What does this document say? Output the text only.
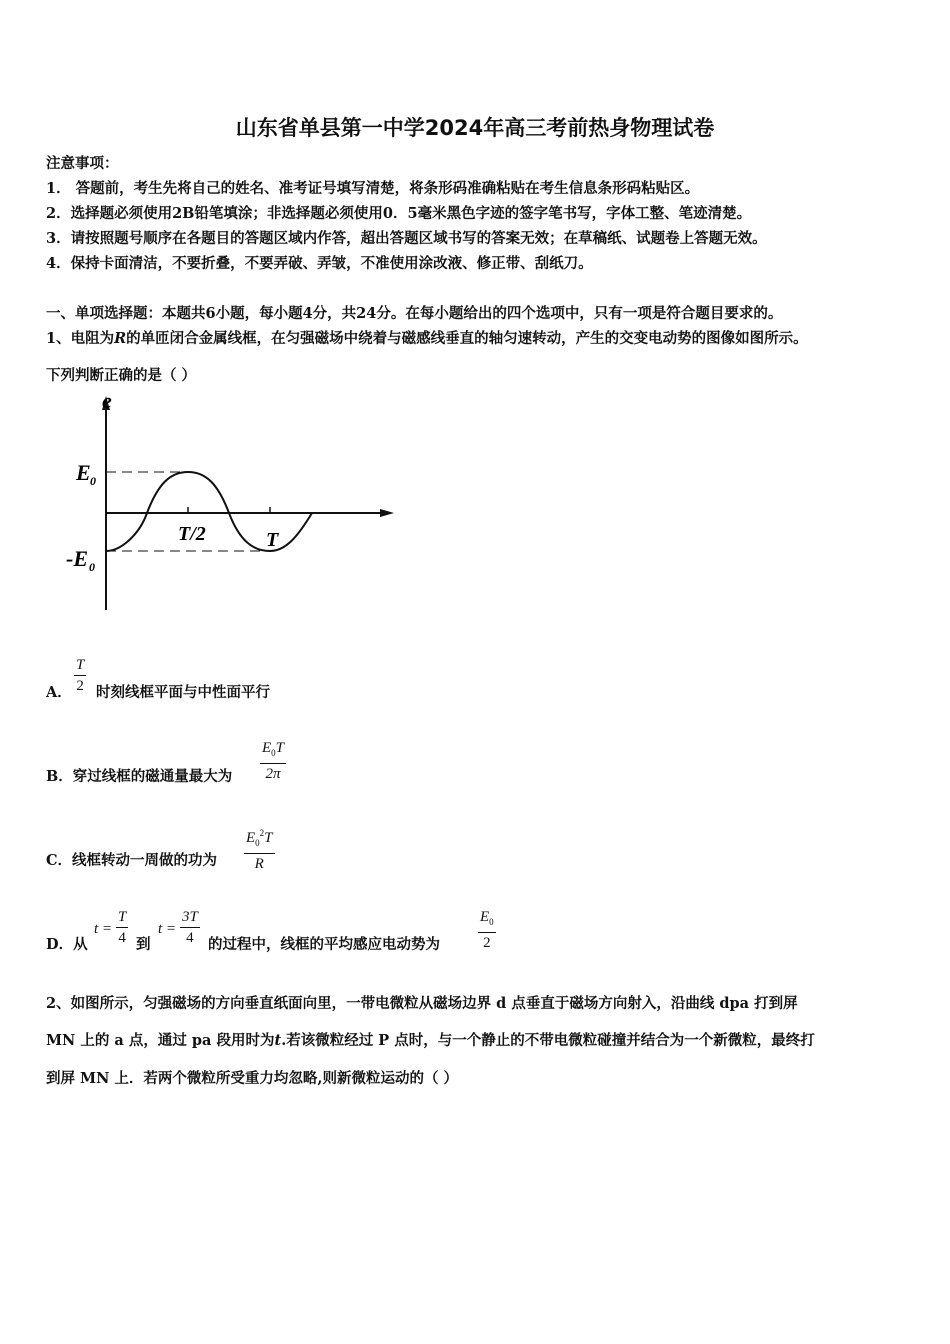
山东省单县第一中学2024年高三考前热身物理试卷
注意事项：
1． 答题前，考生先将自己的姓名、准考证号填写清楚，将条形码准确粘贴在考生信息条形码粘贴区。
2．选择题必须使用2B铅笔填涂；非选择题必须使用0．5毫米黑色字迹的签字笔书写，字体工整、笔迹清楚。
3．请按照题号顺序在各题目的答题区域内作答，超出答题区域书写的答案无效；在草稿纸、试题卷上答题无效。
4．保持卡面清洁，不要折叠，不要弄破、弄皱，不准使用涂改液、修正带、刮纸刀。
一、单项选择题：本题共6小题，每小题4分，共24分。在每小题给出的四个选项中，只有一项是符合题目要求的。
1、电阻为R的单匝闭合金属线框，在匀强磁场中绕着与磁感线垂直的轴匀速转动，产生的交变电动势的图像如图所示。
下列判断正确的是（ ）
e
E 0
-E 0
T/2	T
A． $\frac{T}{2}$ 时刻线框平面与中性面平行
B．穿过线框的磁通量最大为 $\frac{E_0T}{2\pi}$
C．线框转动一周做的功为 $\frac{E_0^2T}{R}$
D．从
$t = \frac{T}{4}$ 到
$t = \frac{3T}{4}$ 的过程中，线框的平均感应电动势为	$\frac{E_0}{2}$
2、如图所示，匀强磁场的方向垂直纸面向里，一带电微粒从磁场边界 d 点垂直于磁场方向射入，沿曲线 dpa 打到屏
MN 上的 a 点，通过 pa 段用时为t.若该微粒经过 P 点时，与一个静止的不带电微粒碰撞并结合为一个新微粒，最终打
到屏 MN 上．若两个微粒所受重力均忽略,则新微粒运动的（ ）
